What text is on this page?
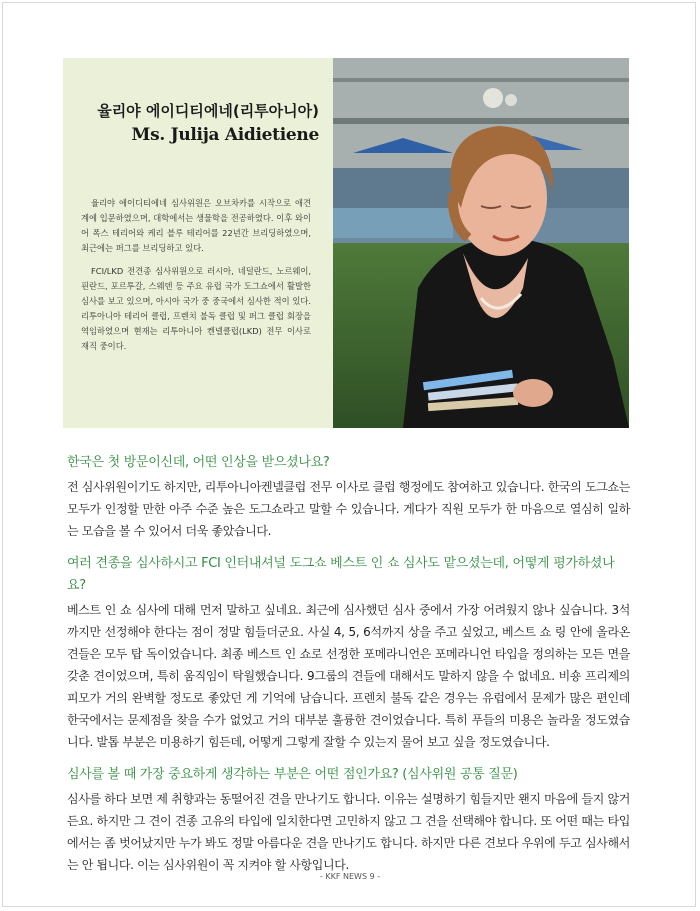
율리야 에이디티에네(리투아니아)
Ms. Julija Aidietiene

율리야 에이디티에네 심사위원은 오브차카를 시작으로 애견계에 입문하였으며, 대학에서는 생물학을 전공하였다. 이후 와이어 폭스 테리어와 케리 블루 테리어를 22년간 브리딩하였으며, 최근에는 퍼그를 브리딩하고 있다.

FCI/LKD 전견종 심사위원으로 러시아, 네덜란드, 노르웨이, 핀란드, 포르투갈, 스웨덴 등 주요 유럽 국가 도그쇼에서 활발한 심사를 보고 있으며, 아시아 국가 중 중국에서 심사한 적이 있다. 리투아니아 테리어 클럽, 프렌치 불독 클럽 및 퍼그 클럽 회장을 역임하였으며 현재는 리투아니아 켄넬클럽(LKD) 전무 이사로 재직 중이다.

한국은 첫 방문이신데, 어떤 인상을 받으셨나요?
전 심사위원이기도 하지만, 리투아니아켄넬클럽 전무 이사로 클럽 행정에도 참여하고 있습니다. 한국의 도그쇼는 모두가 인정할 만한 아주 수준 높은 도그쇼라고 말할 수 있습니다. 게다가 직원 모두가 한 마음으로 열심히 일하는 모습을 볼 수 있어서 더욱 좋았습니다.
여러 견종을 심사하시고 FCI 인터내셔널 도그쇼 베스트 인 쇼 심사도 맡으셨는데, 어떻게 평가하셨나요?
베스트 인 쇼 심사에 대해 먼저 말하고 싶네요. 최근에 심사했던 심사 중에서 가장 어려웠지 않나 싶습니다. 3석까지만 선정해야 한다는 점이 정말 힘들더군요. 사실 4, 5, 6석까지 상을 주고 싶었고, 베스트 쇼 링 안에 올라온 견들은 모두 탑 독이었습니다. 최종 베스트 인 쇼로 선정한 포메라니언은 포메라니언 타입을 정의하는 모든 면을 갖춘 견이었으며, 특히 움직임이 탁월했습니다. 9그룹의 견들에 대해서도 말하지 않을 수 없네요. 비숑 프리제의 피모가 거의 완벽할 정도로 좋았던 게 기억에 남습니다. 프렌치 불독 같은 경우는 유럽에서 문제가 많은 편인데 한국에서는 문제점을 찾을 수가 없었고 거의 대부분 훌륭한 견이었습니다. 특히 푸들의 미용은 놀라울 정도였습니다. 발톱 부분은 미용하기 힘든데, 어떻게 그렇게 잘할 수 있는지 물어 보고 싶을 정도였습니다.
심사를 볼 때 가장 중요하게 생각하는 부분은 어떤 점인가요? (심사위원 공통 질문)
심사를 하다 보면 제 취향과는 동떨어진 견을 만나기도 합니다. 이유는 설명하기 힘들지만 왠지 마음에 들지 않거든요. 하지만 그 견이 견종 고유의 타입에 일치한다면 고민하지 않고 그 견을 선택해야 합니다. 또 어떤 때는 타입에서는 좀 벗어났지만 누가 봐도 정말 아름다운 견을 만나기도 합니다. 하지만 다른 견보다 우위에 두고 심사해서는 안 됩니다. 이는 심사위원이 꼭 지켜야 할 사항입니다.
- KKF NEWS 9 -
